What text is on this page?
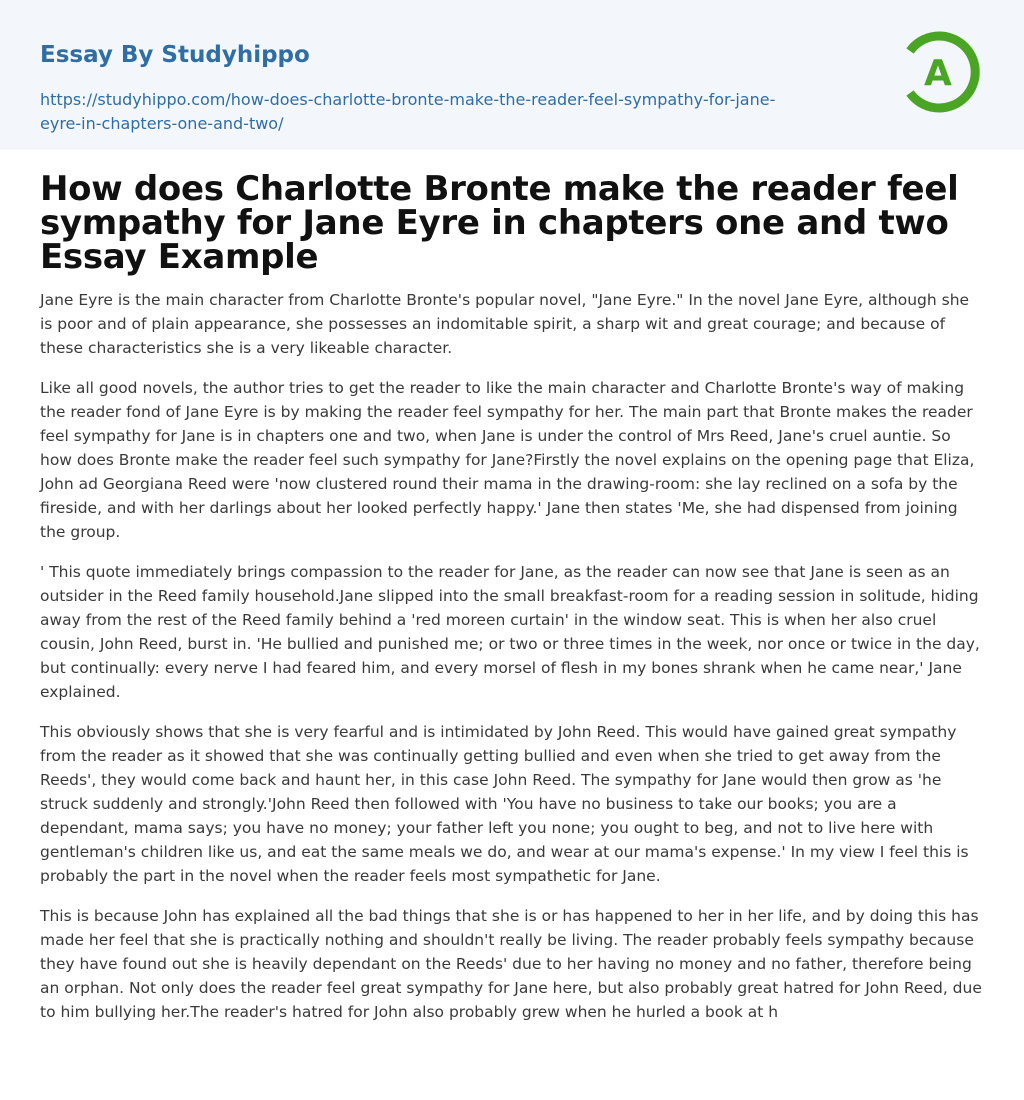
Essay By Studyhippo
https://studyhippo.com/how-does-charlotte-bronte-make-the-reader-feel-sympathy-for-jane-eyre-in-chapters-one-and-two/
A
How does Charlotte Bronte make the reader feel sympathy for Jane Eyre in chapters one and two Essay Example

Jane Eyre is the main character from Charlotte Bronte's popular novel, "Jane Eyre." In the novel Jane Eyre, although she is poor and of plain appearance, she possesses an indomitable spirit, a sharp wit and great courage; and because of these characteristics she is a very likeable character.

Like all good novels, the author tries to get the reader to like the main character and Charlotte Bronte's way of making the reader fond of Jane Eyre is by making the reader feel sympathy for her. The main part that Bronte makes the reader feel sympathy for Jane is in chapters one and two, when Jane is under the control of Mrs Reed, Jane's cruel auntie. So how does Bronte make the reader feel such sympathy for Jane?Firstly the novel explains on the opening page that Eliza, John ad Georgiana Reed were 'now clustered round their mama in the drawing-room: she lay reclined on a sofa by the fireside, and with her darlings about her looked perfectly happy.' Jane then states 'Me, she had dispensed from joining the group.

' This quote immediately brings compassion to the reader for Jane, as the reader can now see that Jane is seen as an outsider in the Reed family household.Jane slipped into the small breakfast-room for a reading session in solitude, hiding away from the rest of the Reed family behind a 'red moreen curtain' in the window seat. This is when her also cruel cousin, John Reed, burst in. 'He bullied and punished me; or two or three times in the week, nor once or twice in the day, but continually: every nerve I had feared him, and every morsel of flesh in my bones shrank when he came near,' Jane explained.

This obviously shows that she is very fearful and is intimidated by John Reed. This would have gained great sympathy from the reader as it showed that she was continually getting bullied and even when she tried to get away from the Reeds', they would come back and haunt her, in this case John Reed. The sympathy for Jane would then grow as 'he struck suddenly and strongly.'John Reed then followed with 'You have no business to take our books; you are a dependant, mama says; you have no money; your father left you none; you ought to beg, and not to live here with gentleman's children like us, and eat the same meals we do, and wear at our mama's expense.' In my view I feel this is probably the part in the novel when the reader feels most sympathetic for Jane.

This is because John has explained all the bad things that she is or has happened to her in her life, and by doing this has made her feel that she is practically nothing and shouldn't really be living. The reader probably feels sympathy because they have found out she is heavily dependant on the Reeds' due to her having no money and no father, therefore being an orphan. Not only does the reader feel great sympathy for Jane here, but also probably great hatred for John Reed, due to him bullying her.The reader's hatred for John also probably grew when he hurled a book at h
